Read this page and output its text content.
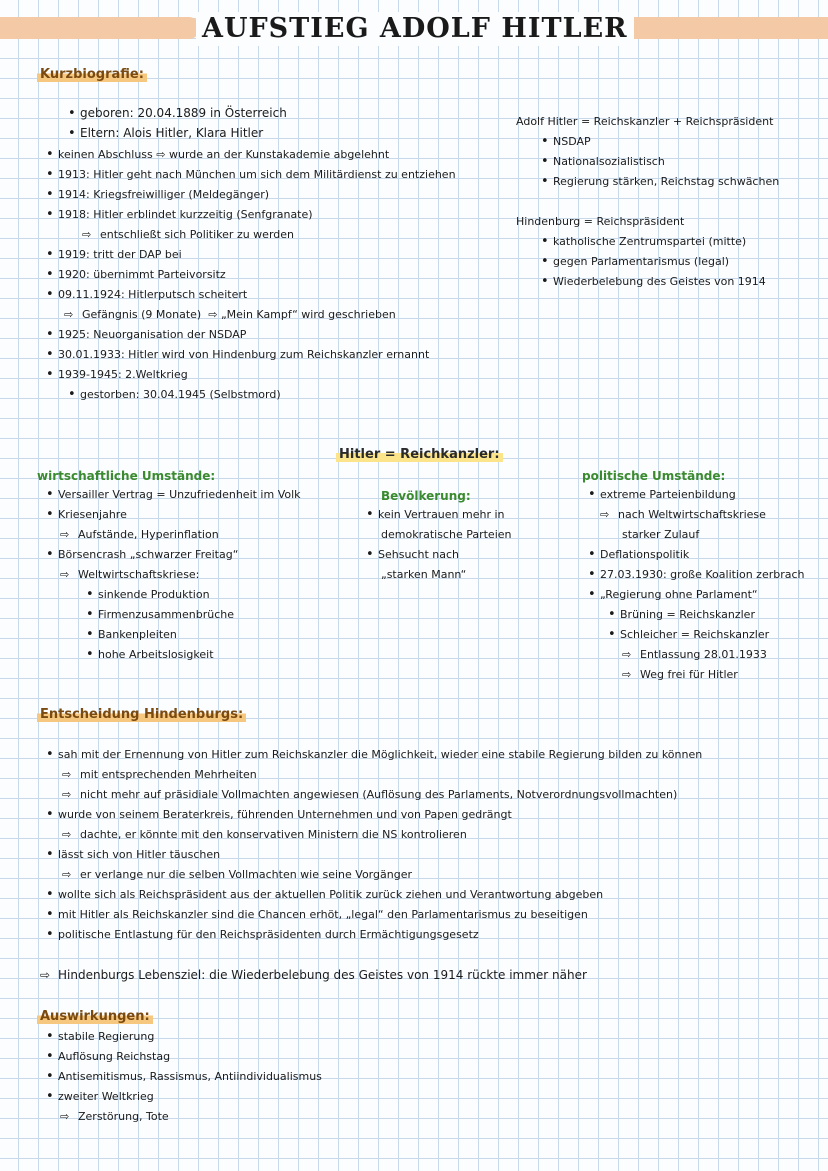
AUFSTIEG ADOLF HITLER
Kurzbiografie:
• geboren: 20.04.1889 in Österreich
• Eltern: Alois Hitler, Klara Hitler
• keinen Abschluss ⇨ wurde an der Kunstakademie abgelehnt
• 1913: Hitler geht nach München um sich dem Militärdienst zu entziehen
• 1914: Kriegsfreiwilliger (Meldegänger)
• 1918: Hitler erblindet kurzzeitig (Senfgranate)
⇨ entschließt sich Politiker zu werden
• 1919: tritt der DAP bei
• 1920: übernimmt Parteivorsitz
• 09.11.1924: Hitlerputsch scheitert
⇨ Gefängnis (9 Monate) ⇨ „Mein Kampf“ wird geschrieben
• 1925: Neuorganisation der NSDAP
• 30.01.1933: Hitler wird von Hindenburg zum Reichskanzler ernannt
• 1939-1945: 2.Weltkrieg
• gestorben: 30.04.1945 (Selbstmord)
Adolf Hitler = Reichskanzler + Reichspräsident
• NSDAP
• Nationalsozialistisch
• Regierung stärken, Reichstag schwächen
Hindenburg = Reichspräsident
• katholische Zentrumspartei (mitte)
• gegen Parlamentarismus (legal)
• Wiederbelebung des Geistes von 1914
Hitler = Reichkanzler:
wirtschaftliche Umstände:
• Versailler Vertrag = Unzufriedenheit im Volk
• Kriesenjahre
⇨ Aufstände, Hyperinflation
• Börsencrash „schwarzer Freitag“
⇨ Weltwirtschaftskriese:
• sinkende Produktion
• Firmenzusammenbrüche
• Bankenpleiten
• hohe Arbeitslosigkeit
Bevölkerung:
• kein Vertrauen mehr in
demokratische Parteien
• Sehsucht nach
„starken Mann“
politische Umstände:
• extreme Parteienbildung
⇨ nach Weltwirtschaftskriese
starker Zulauf
• Deflationspolitik
• 27.03.1930: große Koalition zerbrach
• „Regierung ohne Parlament“
• Brüning = Reichskanzler
• Schleicher = Reichskanzler
⇨ Entlassung 28.01.1933
⇨ Weg frei für Hitler
Entscheidung Hindenburgs:
• sah mit der Ernennung von Hitler zum Reichskanzler die Möglichkeit, wieder eine stabile Regierung bilden zu können
⇨ mit entsprechenden Mehrheiten
⇨ nicht mehr auf präsidiale Vollmachten angewiesen (Auflösung des Parlaments, Notverordnungsvollmachten)
• wurde von seinem Beraterkreis, führenden Unternehmen und von Papen gedrängt
⇨ dachte, er könnte mit den konservativen Ministern die NS kontrolieren
• lässt sich von Hitler täuschen
⇨ er verlange nur die selben Vollmachten wie seine Vorgänger
• wollte sich als Reichspräsident aus der aktuellen Politik zurück ziehen und Verantwortung abgeben
• mit Hitler als Reichskanzler sind die Chancen erhöt, „legal“ den Parlamentarismus zu beseitigen
• politische Entlastung für den Reichspräsidenten durch Ermächtigungsgesetz
⇨ Hindenburgs Lebensziel: die Wiederbelebung des Geistes von 1914 rückte immer näher
Auswirkungen:
• stabile Regierung
• Auflösung Reichstag
• Antisemitismus, Rassismus, Antiindividualismus
• zweiter Weltkrieg
⇨ Zerstörung, Tote
